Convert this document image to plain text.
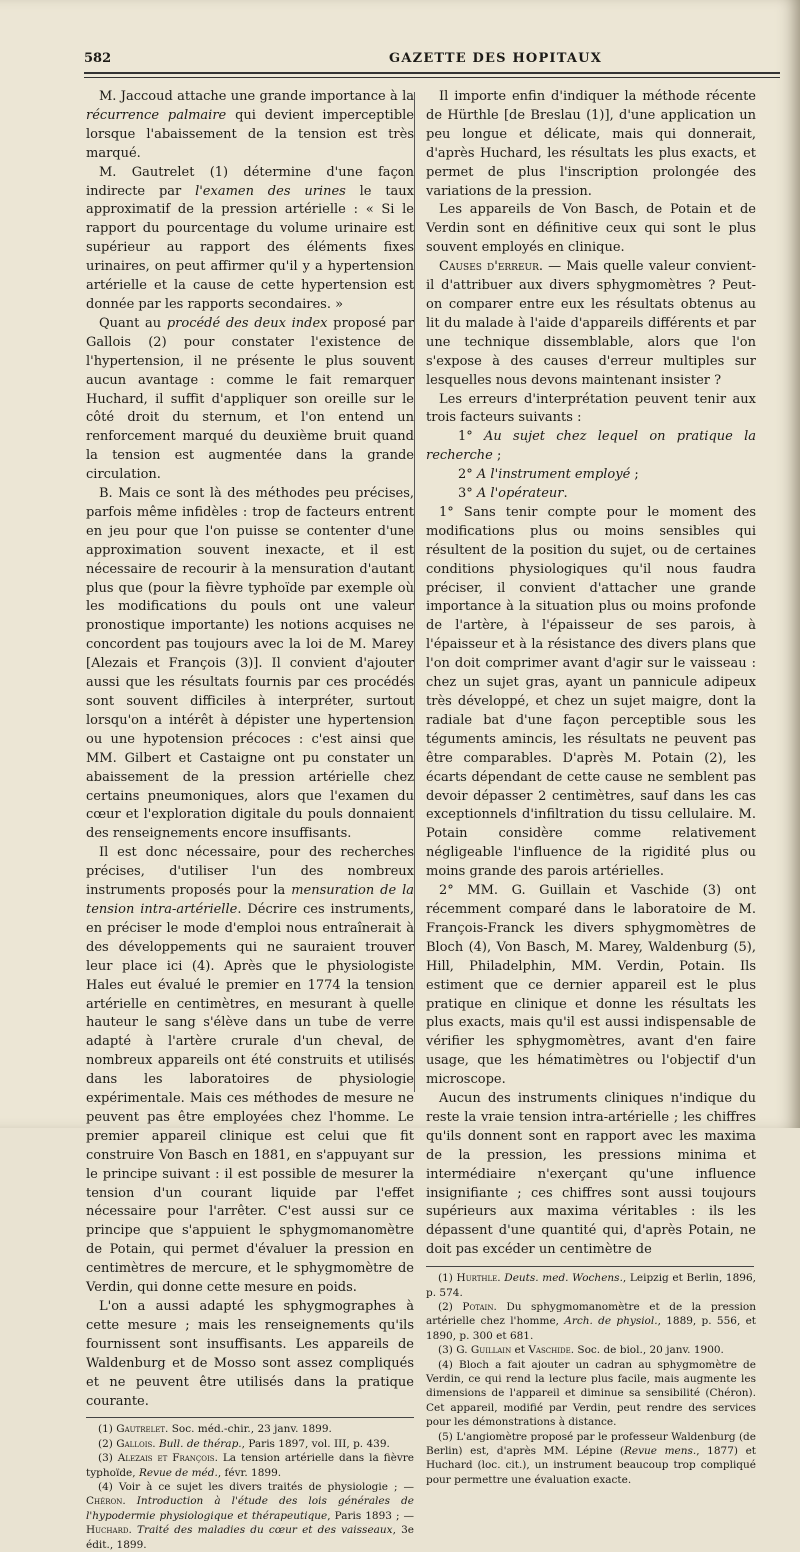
582	GAZETTE DES HOPITAUX

M. Jaccoud attache une grande importance à la récurrence palmaire qui devient imperceptible lorsque l'abaissement de la tension est très marqué.

M. Gautrelet (1) détermine d'une façon indirecte par l'examen des urines le taux approximatif de la pression artérielle : « Si le rapport du pourcentage du volume urinaire est supérieur au rapport des éléments fixes urinaires, on peut affirmer qu'il y a hypertension artérielle et la cause de cette hypertension est donnée par les rapports secondaires. »

Quant au procédé des deux index proposé par Gallois (2) pour constater l'existence de l'hypertension, il ne présente le plus souvent aucun avantage : comme le fait remarquer Huchard, il suffit d'appliquer son oreille sur le côté droit du sternum, et l'on entend un renforcement marqué du deuxième bruit quand la tension est augmentée dans la grande circulation.

B. Mais ce sont là des méthodes peu précises, parfois même infidèles : trop de facteurs entrent en jeu pour que l'on puisse se contenter d'une approximation souvent inexacte, et il est nécessaire de recourir à la mensuration d'autant plus que (pour la fièvre typhoïde par exemple où les modifications du pouls ont une valeur pronostique importante) les notions acquises ne concordent pas toujours avec la loi de M. Marey [Alezais et François (3)]. Il convient d'ajouter aussi que les résultats fournis par ces procédés sont souvent difficiles à interpréter, surtout lorsqu'on a intérêt à dépister une hypertension ou une hypotension précoces : c'est ainsi que MM. Gilbert et Castaigne ont pu constater un abaissement de la pression artérielle chez certains pneumoniques, alors que l'examen du cœur et l'exploration digitale du pouls donnaient des renseignements encore insuffisants.

Il est donc nécessaire, pour des recherches précises, d'utiliser l'un des nombreux instruments proposés pour la mensuration de la tension intra-artérielle. Décrire ces instruments, en préciser le mode d'emploi nous entraînerait à des développements qui ne sauraient trouver leur place ici (4). Après que le physiologiste Hales eut évalué le premier en 1774 la tension artérielle en centimètres, en mesurant à quelle hauteur le sang s'élève dans un tube de verre adapté à l'artère crurale d'un cheval, de nombreux appareils ont été construits et utilisés dans les laboratoires de physiologie expérimentale. Mais ces méthodes de mesure ne peuvent pas être employées chez l'homme. Le premier appareil clinique est celui que fit construire Von Basch en 1881, en s'appuyant sur le principe suivant : il est possible de mesurer la tension d'un courant liquide par l'effet nécessaire pour l'arrêter. C'est aussi sur ce principe que s'appuient le sphygmomanomètre de Potain, qui permet d'évaluer la pression en centimètres de mercure, et le sphygmomètre de Verdin, qui donne cette mesure en poids.

L'on a aussi adapté les sphygmographes à cette mesure ; mais les renseignements qu'ils fournissent sont insuffisants. Les appareils de Waldenburg et de Mosso sont assez compliqués et ne peuvent être utilisés dans la pratique courante.

(1) Gautrelet. Soc. méd.-chir., 23 janv. 1899.

(2) Gallois. Bull. de thérap., Paris 1897, vol. III, p. 439.

(3) Alezais et François. La tension artérielle dans la fièvre typhoïde, Revue de méd., févr. 1899.

(4) Voir à ce sujet les divers traités de physiologie ; — Chéron. Introduction à l'étude des lois générales de l'hypodermie physiologique et thérapeutique, Paris 1893 ; — Huchard. Traité des maladies du cœur et des vaisseaux, 3e édit., 1899.

Il importe enfin d'indiquer la méthode récente de Hürthle [de Breslau (1)], d'une application un peu longue et délicate, mais qui donnerait, d'après Huchard, les résultats les plus exacts, et permet de plus l'inscription prolongée des variations de la pression.

Les appareils de Von Basch, de Potain et de Verdin sont en définitive ceux qui sont le plus souvent employés en clinique.

Causes d'erreur. — Mais quelle valeur convient-il d'attribuer aux divers sphygmomètres ? Peut-on comparer entre eux les résultats obtenus au lit du malade à l'aide d'appareils différents et par une technique dissemblable, alors que l'on s'expose à des causes d'erreur multiples sur lesquelles nous devons maintenant insister ?

Les erreurs d'interprétation peuvent tenir aux trois facteurs suivants :

1° Au sujet chez lequel on pratique la recherche ;

2° A l'instrument employé ;

3° A l'opérateur.

1° Sans tenir compte pour le moment des modifications plus ou moins sensibles qui résultent de la position du sujet, ou de certaines conditions physiologiques qu'il nous faudra préciser, il convient d'attacher une grande importance à la situation plus ou moins profonde de l'artère, à l'épaisseur de ses parois, à l'épaisseur et à la résistance des divers plans que l'on doit comprimer avant d'agir sur le vaisseau : chez un sujet gras, ayant un pannicule adipeux très développé, et chez un sujet maigre, dont la radiale bat d'une façon perceptible sous les téguments amincis, les résultats ne peuvent pas être comparables. D'après M. Potain (2), les écarts dépendant de cette cause ne semblent pas devoir dépasser 2 centimètres, sauf dans les cas exceptionnels d'infiltration du tissu cellulaire. M. Potain considère comme relativement négligeable l'influence de la rigidité plus ou moins grande des parois artérielles.

2° MM. G. Guillain et Vaschide (3) ont récemment comparé dans le laboratoire de M. François-Franck les divers sphygmomètres de Bloch (4), Von Basch, M. Marey, Waldenburg (5), Hill, Philadelphin, MM. Verdin, Potain. Ils estiment que ce dernier appareil est le plus pratique en clinique et donne les résultats les plus exacts, mais qu'il est aussi indispensable de vérifier les sphygmomètres, avant d'en faire usage, que les hématimètres ou l'objectif d'un microscope.

Aucun des instruments cliniques n'indique du reste la vraie tension intra-artérielle ; les chiffres qu'ils donnent sont en rapport avec les maxima de la pression, les pressions minima et intermédiaire n'exerçant qu'une influence insignifiante ; ces chiffres sont aussi toujours supérieurs aux maxima véritables : ils les dépassent d'une quantité qui, d'après Potain, ne doit pas excéder un centimètre de

(1) Hurthle. Deuts. med. Wochens., Leipzig et Berlin, 1896, p. 574.

(2) Potain. Du sphygmomanomètre et de la pression artérielle chez l'homme, Arch. de physiol., 1889, p. 556, et 1890, p. 300 et 681.

(3) G. Guillain et Vaschide. Soc. de biol., 20 janv. 1900.

(4) Bloch a fait ajouter un cadran au sphygmomètre de Verdin, ce qui rend la lecture plus facile, mais augmente les dimensions de l'appareil et diminue sa sensibilité (Chéron). Cet appareil, modifié par Verdin, peut rendre des services pour les démonstrations à distance.

(5) L'angiomètre proposé par le professeur Waldenburg (de Berlin) est, d'après MM. Lépine (Revue mens., 1877) et Huchard (loc. cit.), un instrument beaucoup trop compliqué pour permettre une évaluation exacte.
